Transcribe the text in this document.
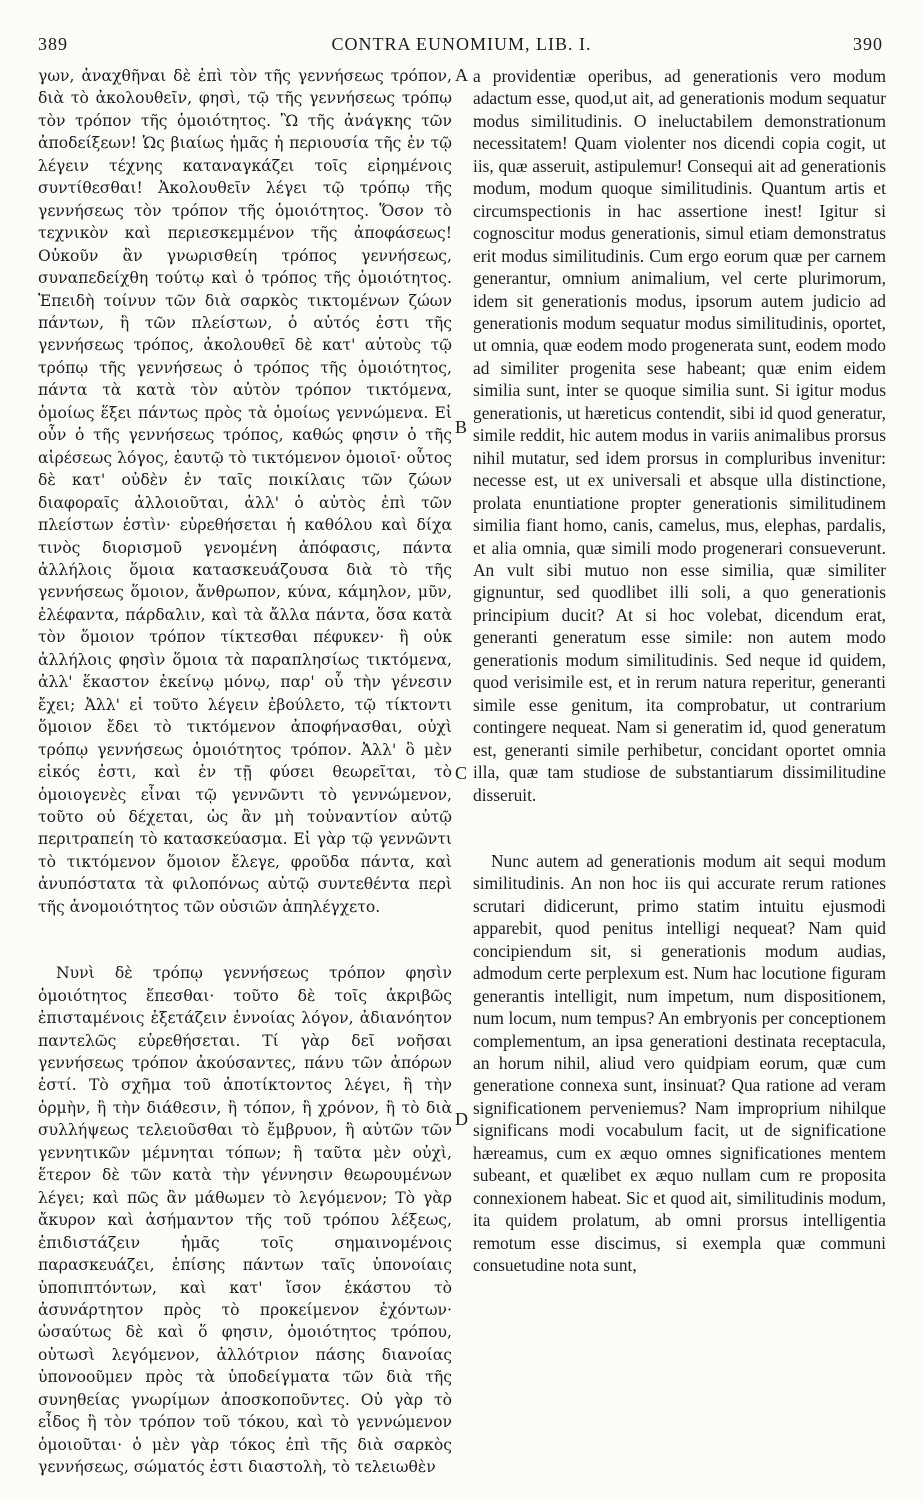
389	CONTRA EUNOMIUM, LIB. I.	390

γων, ἀναχθῆναι δὲ ἐπὶ τὸν τῆς γεννήσεως τρόπον, διὰ τὸ ἀκολουθεῖν, φησὶ, τῷ τῆς γεννήσεως τρόπῳ τὸν τρόπον τῆς ὁμοιότητος. Ὢ τῆς ἀνάγκης τῶν ἀποδείξεων! Ὡς βιαίως ἡμᾶς ἡ περιουσία τῆς ἐν τῷ λέγειν τέχνης καταναγκάζει τοῖς εἰρημένοις συντίθεσθαι! Ἀκολουθεῖν λέγει τῷ τρόπῳ τῆς γεννήσεως τὸν τρόπον τῆς ὁμοιότητος. Ὅσον τὸ τεχνικὸν καὶ περιεσκεμμένον τῆς ἀποφάσεως! Οὐκοῦν ἂν γνωρισθείη τρόπος γεννήσεως, συναπεδείχθη τούτῳ καὶ ὁ τρόπος τῆς ὁμοιότητος. Ἐπειδὴ τοίνυν τῶν διὰ σαρκὸς τικτομένων ζώων πάντων, ἢ τῶν πλείστων, ὁ αὐτός ἐστι τῆς γεννήσεως τρόπος, ἀκολουθεῖ δὲ κατ' αὐτοὺς τῷ τρόπῳ τῆς γεννήσεως ὁ τρόπος τῆς ὁμοιότητος, πάντα τὰ κατὰ τὸν αὐτὸν τρόπον τικτόμενα, ὁμοίως ἕξει πάντως πρὸς τὰ ὁμοίως γεννώμενα. Εἰ οὖν ὁ τῆς γεννήσεως τρόπος, καθώς φησιν ὁ τῆς αἱρέσεως λόγος, ἑαυτῷ τὸ τικτόμενον ὁμοιοῖ· οὗτος δὲ κατ' οὐδὲν ἐν ταῖς ποικίλαις τῶν ζώων διαφοραῖς ἀλλοιοῦται, ἀλλ' ὁ αὐτὸς ἐπὶ τῶν πλείστων ἐστὶν· εὑρεθήσεται ἡ καθόλου καὶ δίχα τινὸς διορισμοῦ γενομένη ἀπόφασις, πάντα ἀλλήλοις ὅμοια κατασκευάζουσα διὰ τὸ τῆς γεννήσεως ὅμοιον, ἄνθρωπον, κύνα, κάμηλον, μῦν, ἐλέφαντα, πάρδαλιν, καὶ τὰ ἄλλα πάντα, ὅσα κατὰ τὸν ὅμοιον τρόπον τίκτεσθαι πέφυκεν· ἢ οὐκ ἀλλήλοις φησὶν ὅμοια τὰ παραπλησίως τικτόμενα, ἀλλ' ἕκαστον ἐκείνῳ μόνῳ, παρ' οὗ τὴν γένεσιν ἔχει; Ἀλλ' εἰ τοῦτο λέγειν ἐβούλετο, τῷ τίκτοντι ὅμοιον ἔδει τὸ τικτόμενον ἀποφήνασθαι, οὐχὶ τρόπῳ γεννήσεως ὁμοιότητος τρόπον. Ἀλλ' ὃ μὲν εἰκός ἐστι, καὶ ἐν τῇ φύσει θεωρεῖται, τὸ ὁμοιογενὲς εἶναι τῷ γεννῶντι τὸ γεννώμενον, τοῦτο οὐ δέχεται, ὡς ἂν μὴ τοὐναντίον αὐτῷ περιτραπείη τὸ κατασκεύασμα. Εἰ γὰρ τῷ γεννῶντι τὸ τικτόμενον ὅμοιον ἔλεγε, φροῦδα πάντα, καὶ ἀνυπόστατα τὰ φιλοπόνως αὐτῷ συντεθέντα περὶ τῆς ἀνομοιότητος τῶν οὐσιῶν ἀπηλέγχετο.

Νυνὶ δὲ τρόπῳ γεννήσεως τρόπον φησὶν ὁμοιότητος ἕπεσθαι· τοῦτο δὲ τοῖς ἀκριβῶς ἐπισταμένοις ἐξετάζειν ἐννοίας λόγον, ἀδιανόητον παντελῶς εὑρεθήσεται. Τί γὰρ δεῖ νοῆσαι γεννήσεως τρόπον ἀκούσαντες, πάνυ τῶν ἀπόρων ἐστί. Τὸ σχῆμα τοῦ ἀποτίκτοντος λέγει, ἢ τὴν ὁρμὴν, ἢ τὴν διάθεσιν, ἢ τόπον, ἢ χρόνον, ἢ τὸ διὰ συλλήψεως τελειοῦσθαι τὸ ἔμβρυον, ἢ αὐτῶν τῶν γεννητικῶν μέμνηται τόπων; ἢ ταῦτα μὲν οὐχὶ, ἕτερον δὲ τῶν κατὰ τὴν γέννησιν θεωρουμένων λέγει; καὶ πῶς ἂν μάθωμεν τὸ λεγόμενον; Τὸ γὰρ ἄκυρον καὶ ἀσήμαντον τῆς τοῦ τρόπου λέξεως, ἐπιδιστάζειν ἡμᾶς τοῖς σημαινομένοις παρασκευάζει, ἐπίσης πάντων ταῖς ὑπονοίαις ὑποπιπτόντων, καὶ κατ' ἴσον ἑκάστου τὸ ἀσυνάρτητον πρὸς τὸ προκείμενον ἐχόντων· ὡσαύτως δὲ καὶ ὅ φησιν, ὁμοιότητος τρόπου, οὑτωσὶ λεγόμενον, ἀλλότριον πάσης διανοίας ὑπονοοῦμεν πρὸς τὰ ὑποδείγματα τῶν διὰ τῆς συνηθείας γνωρίμων ἀποσκοποῦντες. Οὐ γὰρ τὸ εἶδος ἢ τὸν τρόπον τοῦ τόκου, καὶ τὸ γεννώμενον ὁμοιοῦται· ὁ μὲν γὰρ τόκος ἐπὶ τῆς διὰ σαρκὸς γεννήσεως, σώματός ἐστι διαστολὴ, τὸ τελειωθὲν

a providentiæ operibus, ad generationis vero modum adactum esse, quod,ut ait, ad generationis modum sequatur modus similitudinis. O ineluctabilem demonstrationum necessitatem! Quam violenter nos dicendi copia cogit, ut iis, quæ asseruit, astipulemur! Consequi ait ad generationis modum, modum quoque similitudinis. Quantum artis et circumspectionis in hac assertione inest! Igitur si cognoscitur modus generationis, simul etiam demonstratus erit modus similitudinis. Cum ergo eorum quæ per carnem generantur, omnium animalium, vel certe plurimorum, idem sit generationis modus, ipsorum autem judicio ad generationis modum sequatur modus similitudinis, oportet, ut omnia, quæ eodem modo progenerata sunt, eodem modo ad similiter progenita sese habeant; quæ enim eidem similia sunt, inter se quoque similia sunt. Si igitur modus generationis, ut hæreticus contendit, sibi id quod generatur, simile reddit, hic autem modus in variis animalibus prorsus nihil mutatur, sed idem prorsus in compluribus invenitur: necesse est, ut ex universali et absque ulla distinctione, prolata enuntiatione propter generationis similitudinem similia fiant homo, canis, camelus, mus, elephas, pardalis, et alia omnia, quæ simili modo progenerari consueverunt. An vult sibi mutuo non esse similia, quæ similiter gignuntur, sed quodlibet illi soli, a quo generationis principium ducit? At si hoc volebat, dicendum erat, generanti generatum esse simile: non autem modo generationis modum similitudinis. Sed neque id quidem, quod verisimile est, et in rerum natura reperitur, generanti simile esse genitum, ita comprobatur, ut contrarium contingere nequeat. Nam si generatim id, quod generatum est, generanti simile perhibetur, concidant oportet omnia illa, quæ tam studiose de substantiarum dissimilitudine disseruit.

Nunc autem ad generationis modum ait sequi modum similitudinis. An non hoc iis qui accurate rerum rationes scrutari didicerunt, primo statim intuitu ejusmodi apparebit, quod penitus intelligi nequeat? Nam quid concipiendum sit, si generationis modum audias, admodum certe perplexum est. Num hac locutione figuram generantis intelligit, num impetum, num dispositionem, num locum, num tempus? An embryonis per conceptionem complementum, an ipsa generationi destinata receptacula, an horum nihil, aliud vero quidpiam eorum, quæ cum generatione connexa sunt, insinuat? Qua ratione ad veram significationem perveniemus? Nam improprium nihilque significans modi vocabulum facit, ut de significatione hæreamus, cum ex æquo omnes significationes mentem subeant, et quælibet ex æquo nullam cum re proposita connexionem habeat. Sic et quod ait, similitudinis modum, ita quidem prolatum, ab omni prorsus intelligentia remotum esse discimus, si exempla quæ communi consuetudine nota sunt,

A
B
C
D
